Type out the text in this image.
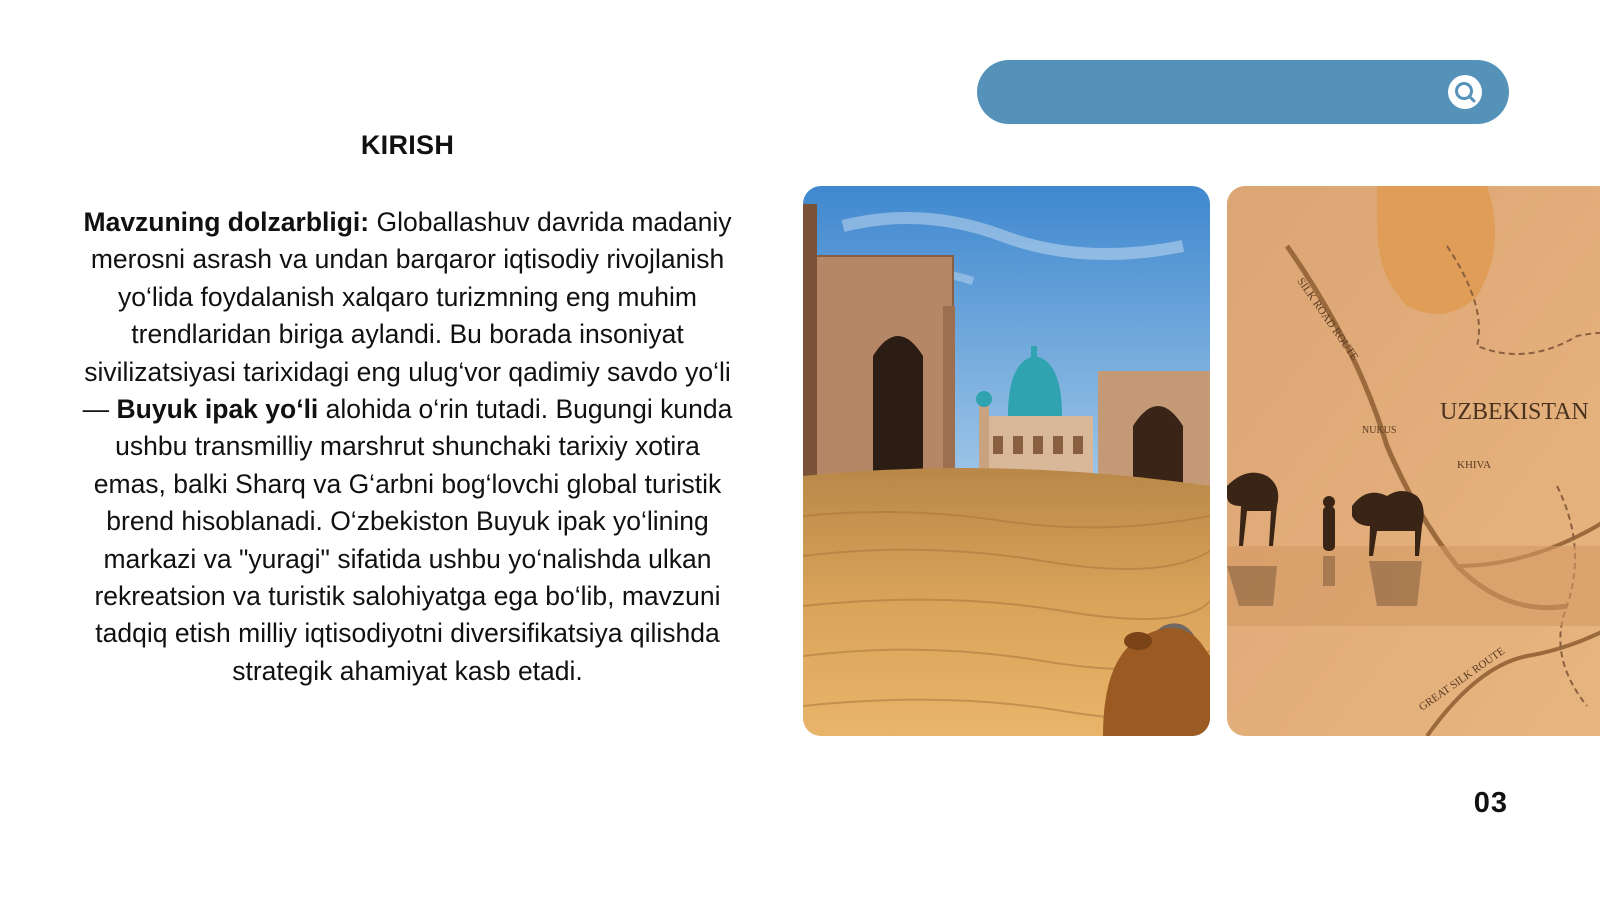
KIRISH
Mavzuning dolzarbligi: Globallashuv davrida madaniy merosni asrash va undan barqaror iqtisodiy rivojlanish yo‘lida foydalanish xalqaro turizmning eng muhim trendlaridan biriga aylandi. Bu borada insoniyat sivilizatsiyasi tarixidagi eng ulug‘vor qadimiy savdo yo‘li — Buyuk ipak yo‘li alohida o‘rin tutadi. Bugungi kunda ushbu transmilliy marshrut shunchaki tarixiy xotira emas, balki Sharq va G‘arbni bog‘lovchi global turistik brend hisoblanadi. O‘zbekiston Buyuk ipak yo‘lining markazi va "yuragi" sifatida ushbu yo‘nalishda ulkan rekreatsion va turistik salohiyatga ega bo‘lib, mavzuni tadqiq etish milliy iqtisodiyotni diversifikatsiya qilishda strategik ahamiyat kasb etadi.
UZBEKISTAN
KHIVA
NUKUS
SILK ROAD ROUTE
GREAT SILK ROUTE
03
